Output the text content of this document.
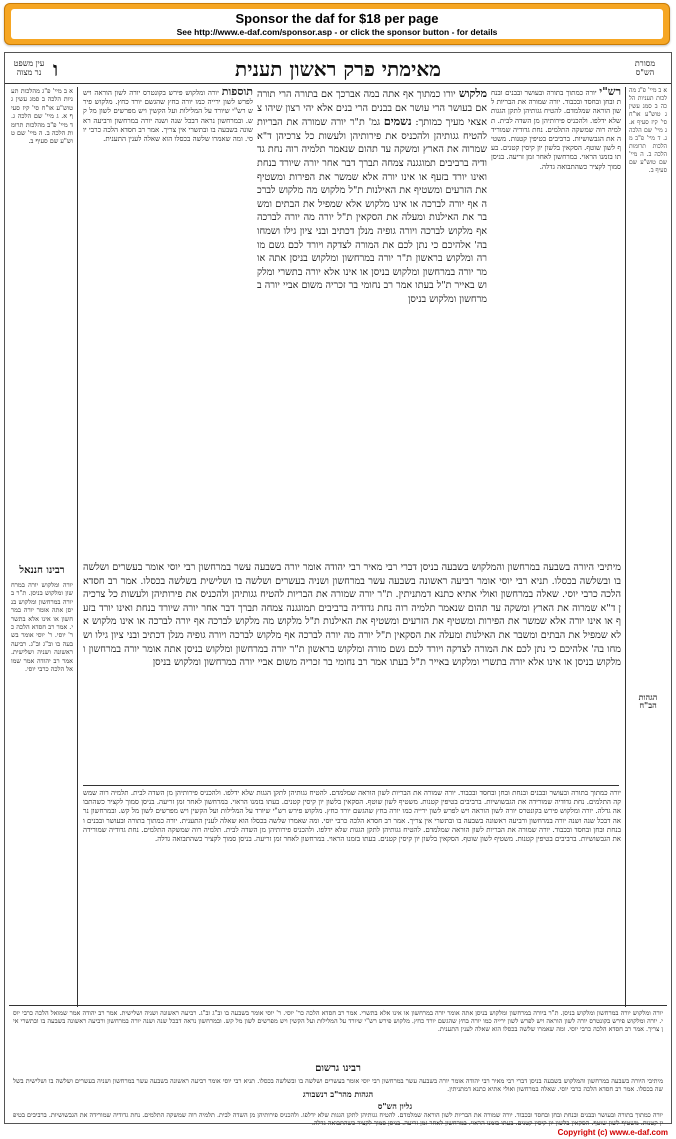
Sponsor the daf for $18 per page
See http://www.e-daf.com/sponsor.asp - or click the sponsor button - for details
עין משפט
נר מצוה	ו	מאימתי פרק ראשון תענית	מסורת
הש"ס
א ב מיי' פ"ג מהלכות תעניות הלכה ב סמג עשין ג טוש"ע או"ח סי' קיז סעיף א. ג מיי' שם הלכה ג. ד מיי' פ"ב מהלכות תרומות הלכה ב. ה מיי' שם טוש"ע שם סעיף ב.
רבינו חננאל
יורה ומלקוש יורה במרחשון ומלקוש בניסן. ת"ר ביורה במרחשון ומלקוש בניסן אתה אומר יורה במרחשון או אינו אלא בתשרי. אמר רב חסדא הלכה כר' יוסי. ר' יוסי אומר בשבעה בו וב"ג וב"ג. רביעה ראשונה ושניה ושלישית. אמר רב יהודה אמר שמואל הלכה כרבי יוסי.
תוספות יורה ומלקוש פירש בקונטרס יורה לשון הוראה ויש לפרש לשון ירייה כמו יורה בחץ שהגשם יורד כחץ. מלקוש פירש רש"י שיורד על המלילות ועל הקשין ויש מפרשים לשון מל קש. ובמרחשון נראה דבכל שנה ושנה יורה במרחשון ורביעה ראשונה בשבעה בו ובתשרי אין צריך. אמר רב חסדא הלכה כרבי יוסי. ומה שאמרו שלשה בכסלו הוא שאלה לענין התענית.
מלקוש יורו כמתוך אף אתה במה אברכך אם בתורה הרי תורה אם בעושר הרי עושר אם בבנים הרי בנים אלא יהי רצון שיהו צאצאי מעיך כמותך: נשמים גמ' ת"ר יורה שמורה את הבריות להטיח גגותיהן ולהכניס את פירותיהן ולעשות כל צרכיהן ד"א שמרוה את הארץ ומשקה עד תהום שנאמר תלמיה רוה נחת גדודיה ברביבים תמוגגנה צמחה תברך דבר אחר יורה שיורד בנחת ואינו יורד בזעף או אינו יורה אלא שמשר את הפירות ומשטיף את הזרעים ומשטיף את האילנות ת"ל מלקוש מה מלקוש לברכה אף יורה לברכה או אינו מלקוש אלא שמפיל את הבתים ומשבר את האילנות ומעלה את הסקאין ת"ל יורה מה יורה לברכה אף מלקוש לברכה ויורה גופיה מנלן דכתיב ובני ציון גילו ושמחו בה' אלהיכם כי נתן לכם את המורה לצדקה ויורד לכם גשם מורה ומלקוש בראשון ת"ר יורה במרחשון ומלקוש בניסן אתה אומר יורה במרחשון ומלקוש בניסן או אינו אלא יורה בתשרי ומלקוש באייר ת"ל בעתו אמר רב נחומי בר זכריה משום אביי יורה במרחשון ומלקוש בניסן
רש"י יורה כמתוך בתורה ובעושר ובבנים ובנחת ובחן ובחסד ובכבוד. יורה שמורה את הבריות לשון הוראה שמלמדם. להטיח גגותיהן לתקן הגגות שלא ידלפו. ולהכניס פירותיהן מן השדה לבית. תלמיה רוה שמשקה התלמים. נחת גדודיה שמורידה את הגבשושיות. ברביבים בטיפין קטנות. משטיף לשון שוטף. הסקאין בלשון יון קיסין קטנים. בעתו בזמנו הראוי. במרחשון לאחר זמן זריעה. בניסן סמוך לקציר כשהתבואה גדלה.
א ב מיי' פ"ג מהלכות תעניות הלכה ב סמג עשין ג טוש"ע או"ח סי' קיז סעיף א. ג מיי' שם הלכה ג. ד מיי' פ"ב מהלכות תרומות הלכה ב. ה מיי' שם טוש"ע שם סעיף ב.
הגהות הב"ח
מיתיבי היורה בשבעה במרחשון והמלקוש בשבעה בניסן דברי רבי מאיר רבי יהודה אומר יורה בשבעה עשר במרחשון רבי יוסי אומר בעשרים ושלשה בו ובשלשה בכסלו. תניא רבי יוסי אומר רביעה ראשונה בשבעה עשר במרחשון ושניה בעשרים ושלשה בו ושלישית בשלשה בכסלו. אמר רב חסדא הלכה כרבי יוסי. שאלה במרחשון ואולי אתיא כתנא דמתניתין. ת"ר יורה שמורה את הבריות להטיח גגותיהן ולהכניס את פירותיהן ולעשות כל צרכיהן ד"א שמרוה את הארץ ומשקה עד תהום שנאמר תלמיה רוה נחת גדודיה ברביבים תמוגגנה צמחה תברך דבר אחר יורה שיורד בנחת ואינו יורד בזעף או אינו יורה אלא שמשר את הפירות ומשטיף את הזרעים ומשטיף את האילנות ת"ל מלקוש מה מלקוש לברכה אף יורה לברכה או אינו מלקוש אלא שמפיל את הבתים ומשבר את האילנות ומעלה את הסקאין ת"ל יורה מה יורה לברכה אף מלקוש לברכה ויורה גופיה מנלן דכתיב ובני ציון גילו ושמחו בה' אלהיכם כי נתן לכם את המורה לצדקה ויורד לכם גשם מורה ומלקוש בראשון ת"ר יורה במרחשון ומלקוש בניסן אתה אומר יורה במרחשון ומלקוש בניסן או אינו אלא יורה בתשרי ומלקוש באייר ת"ל בעתו אמר רב נחומי בר זכריה משום אביי יורה במרחשון ומלקוש בניסן
יורה כמתוך בתורה ובעושר ובבנים ובנחת ובחן ובחסד ובכבוד. יורה שמורה את הבריות לשון הוראה שמלמדם. להטיח גגותיהן לתקן הגגות שלא ידלפו. ולהכניס פירותיהן מן השדה לבית. תלמיה רוה שמשקה התלמים. נחת גדודיה שמורידה את הגבשושיות. ברביבים בטיפין קטנות. משטיף לשון שוטף. הסקאין בלשון יון קיסין קטנים. בעתו בזמנו הראוי. במרחשון לאחר זמן זריעה. בניסן סמוך לקציר כשהתבואה גדלה. יורה ומלקוש פירש בקונטרס יורה לשון הוראה ויש לפרש לשון ירייה כמו יורה בחץ שהגשם יורד כחץ. מלקוש פירש רש"י שיורד על המלילות ועל הקשין ויש מפרשים לשון מל קש. ובמרחשון נראה דבכל שנה ושנה יורה במרחשון ורביעה ראשונה בשבעה בו ובתשרי אין צריך. אמר רב חסדא הלכה כרבי יוסי. ומה שאמרו שלשה בכסלו הוא שאלה לענין התענית. יורה כמתוך בתורה ובעושר ובבנים ובנחת ובחן ובחסד ובכבוד. יורה שמורה את הבריות לשון הוראה שמלמדם. להטיח גגותיהן לתקן הגגות שלא ידלפו. ולהכניס פירותיהן מן השדה לבית. תלמיה רוה שמשקה התלמים. נחת גדודיה שמורידה את הגבשושיות. ברביבים בטיפין קטנות. משטיף לשון שוטף. הסקאין בלשון יון קיסין קטנים. בעתו בזמנו הראוי. במרחשון לאחר זמן זריעה. בניסן סמוך לקציר כשהתבואה גדלה.
יורה ומלקוש יורה במרחשון ומלקוש בניסן. ת"ר ביורה במרחשון ומלקוש בניסן אתה אומר יורה במרחשון או אינו אלא בתשרי. אמר רב חסדא הלכה כר' יוסי. ר' יוסי אומר בשבעה בו וב"ג וב"ג. רביעה ראשונה ושניה ושלישית. אמר רב יהודה אמר שמואל הלכה כרבי יוסי. יורה ומלקוש פירש בקונטרס יורה לשון הוראה ויש לפרש לשון ירייה כמו יורה בחץ שהגשם יורד כחץ. מלקוש פירש רש"י שיורד על המלילות ועל הקשין ויש מפרשים לשון מל קש. ובמרחשון נראה דבכל שנה ושנה יורה במרחשון ורביעה ראשונה בשבעה בו ובתשרי אין צריך. אמר רב חסדא הלכה כרבי יוסי. ומה שאמרו שלשה בכסלו הוא שאלה לענין התענית.
רבינו גרשום
מיתיבי היורה בשבעה במרחשון והמלקוש בשבעה בניסן דברי רבי מאיר רבי יהודה אומר יורה בשבעה עשר במרחשון רבי יוסי אומר בעשרים ושלשה בו ובשלשה בכסלו. תניא רבי יוסי אומר רביעה ראשונה בשבעה עשר במרחשון ושניה בעשרים ושלשה בו ושלישית בשלשה בכסלו. אמר רב חסדא הלכה כרבי יוסי. שאלה במרחשון ואולי אתיא כתנא דמתניתין.
הגהות מהר"ב רנשבורג
גליון הש"ס
יורה כמתוך בתורה ובעושר ובבנים ובנחת ובחן ובחסד ובכבוד. יורה שמורה את הבריות לשון הוראה שמלמדם. להטיח גגותיהן לתקן הגגות שלא ידלפו. ולהכניס פירותיהן מן השדה לבית. תלמיה רוה שמשקה התלמים. נחת גדודיה שמורידה את הגבשושיות. ברביבים בטיפין קטנות. משטיף לשון שוטף. הסקאין בלשון יון קיסין קטנים. בעתו בזמנו הראוי. במרחשון לאחר זמן זריעה. בניסן סמוך לקציר כשהתבואה גדלה.
Copyright (c) www.e-daf.com
